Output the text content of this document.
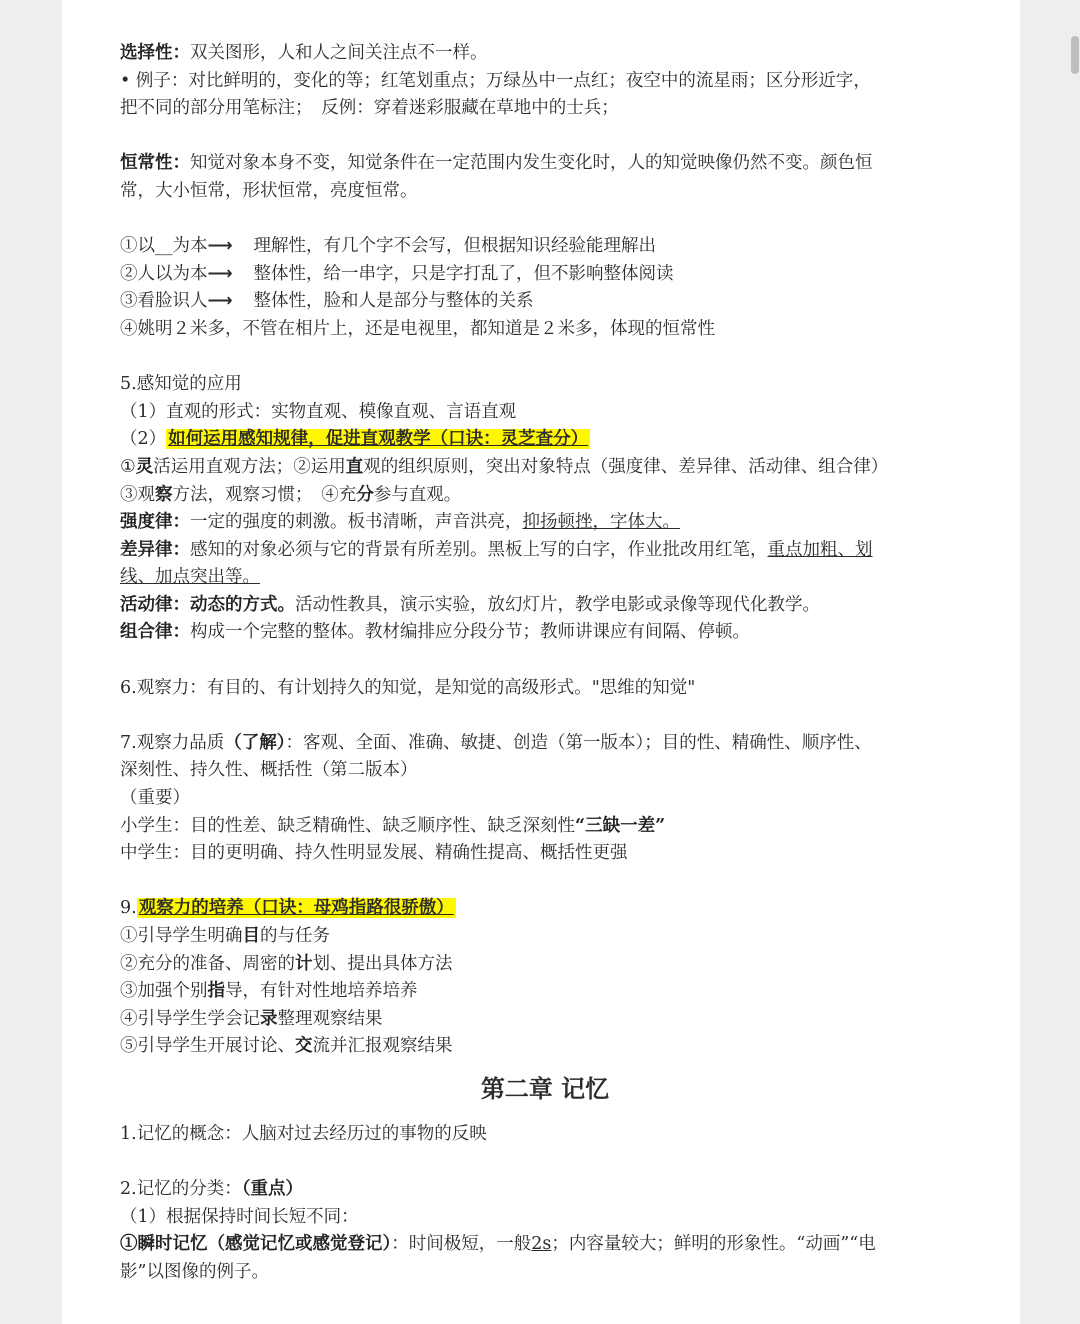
选择性：双关图形，人和人之间关注点不一样。
• 例子：对比鲜明的，变化的等；红笔划重点；万绿丛中一点红；夜空中的流星雨；区分形近字，
把不同的部分用笔标注；　反例：穿着迷彩服藏在草地中的士兵；
恒常性：知觉对象本身不变，知觉条件在一定范围内发生变化时，人的知觉映像仍然不变。颜色恒
常，大小恒常，形状恒常，亮度恒常。
①以__为本⟶ 理解性，有几个字不会写，但根据知识经验能理解出
②人以为本⟶ 整体性，给一串字，只是字打乱了，但不影响整体阅读
③看脸识人⟶ 整体性，脸和人是部分与整体的关系
④姚明２米多，不管在相片上，还是电视里，都知道是２米多，体现的恒常性
5.感知觉的应用
（1）直观的形式：实物直观、模像直观、言语直观
（2） 如何运用感知规律，促进直观教学（口诀：灵芝查分）
①灵活运用直观方法；②运用直观的组织原则，突出对象特点（强度律、差异律、活动律、组合律）
③观察方法，观察习惯；　④充分参与直观。
强度律：一定的强度的刺激。板书清晰，声音洪亮，抑扬顿挫，字体大。
差异律：感知的对象必须与它的背景有所差别。黑板上写的白字，作业批改用红笔，重点加粗、划
线、加点突出等。
活动律：动态的方式。活动性教具，演示实验，放幻灯片，教学电影或录像等现代化教学。
组合律：构成一个完整的整体。教材编排应分段分节；教师讲课应有间隔、停顿。
6.观察力：有目的、有计划持久的知觉，是知觉的高级形式。"思维的知觉"
7.观察力品质（了解）：客观、全面、准确、敏捷、创造（第一版本）；目的性、精确性、顺序性、
深刻性、持久性、概括性（第二版本）
（重要）
小学生：目的性差、缺乏精确性、缺乏顺序性、缺乏深刻性“三缺一差”
中学生：目的更明确、持久性明显发展、精确性提高、概括性更强
9. 观察力的培养（口诀：母鸡指路很骄傲）
①引导学生明确目的与任务
②充分的准备、周密的计划、提出具体方法
③加强个别指导，有针对性地培养培养
④引导学生学会记录整理观察结果
⑤引导学生开展讨论、交流并汇报观察结果
第二章 记忆
1.记忆的概念：人脑对过去经历过的事物的反映
2.记忆的分类：（重点）
（1）根据保持时间长短不同：
①瞬时记忆（感觉记忆或感觉登记）：时间极短，一般2s；内容量较大；鲜明的形象性。“动画”“电
影”以图像的例子。
